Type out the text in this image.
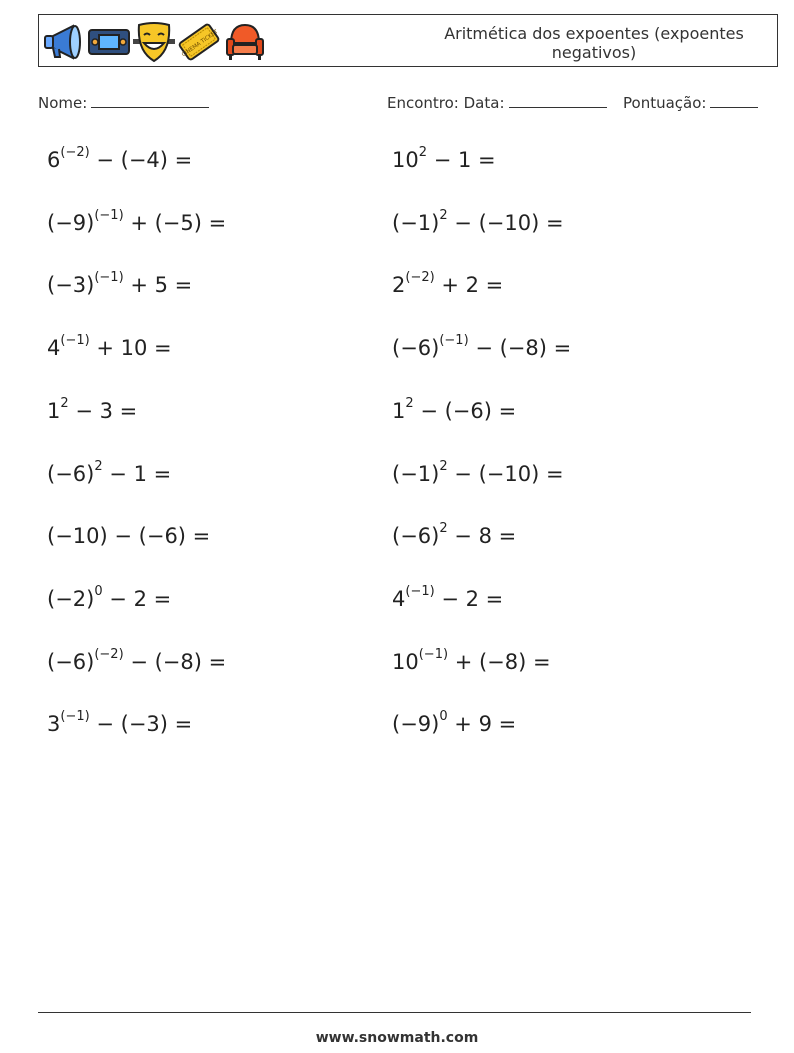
CINEMA TICKET	Aritmética dos expoentes (expoentes negativos)
Nome:	Encontro: Data:	Pontuação:
$6^{(-2)} - (-4)$ =	$10^2 - 1$ =
$(-9)^{(-1)} + (-5)$ =	$(-1)^2 - (-10)$ =
$(-3)^{(-1)} + 5$ =	$2^{(-2)} + 2$ =
$4^{(-1)} + 10$ =	$(-6)^{(-1)} - (-8)$ =
$1^2 - 3$ =	$1^2 - (-6)$ =
$(-6)^2 - 1$ =	$(-1)^2 - (-10)$ =
(−10) − (−6) =	$(-6)^2 - 8$ =
$(-2)^0 - 2$ =	$4^{(-1)} - 2$ =
$(-6)^{(-2)} - (-8)$ =	$10^{(-1)} + (-8)$ =
$3^{(-1)} - (-3)$ =	$(-9)^0 + 9$ =
www.snowmath.com
